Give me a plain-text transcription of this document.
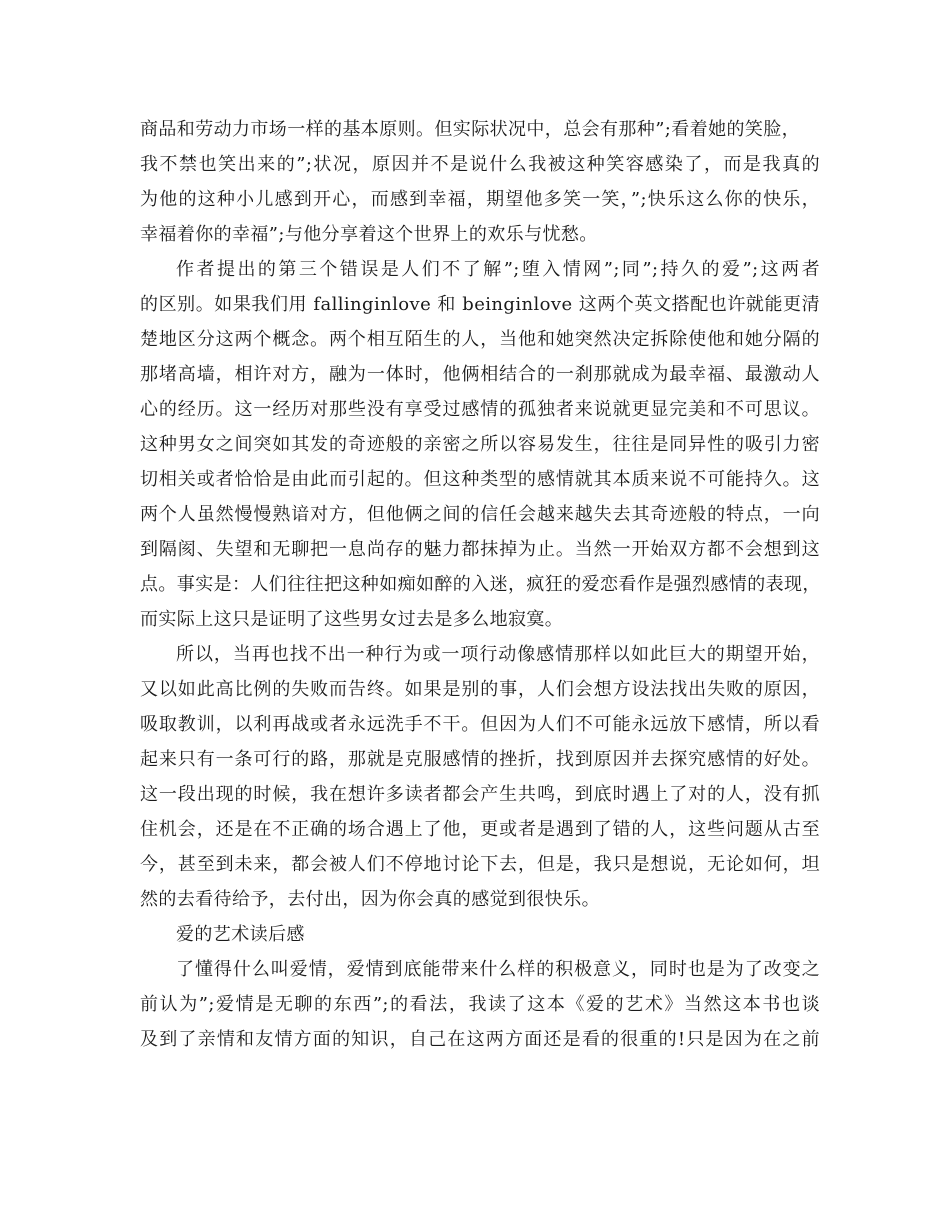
商品和劳动力市场一样的基本原则。但实际状况中，总会有那种”;看着她的笑脸，
我不禁也笑出来的”;状况，原因并不是说什么我被这种笑容感染了，而是我真的
为他的这种小儿感到开心，而感到幸福，期望他多笑一笑，”;快乐这么你的快乐，
幸福着你的幸福”;与他分享着这个世界上的欢乐与忧愁。
作者提出的第三个错误是人们不了解”;堕入情网”;同”;持久的爱”;这两者
的区别。如果我们用 fallinginlove 和 beinginlove 这两个英文搭配也许就能更清
楚地区分这两个概念。两个相互陌生的人，当他和她突然决定拆除使他和她分隔的
那堵高墙，相许对方，融为一体时，他俩相结合的一刹那就成为最幸福、最激动人
心的经历。这一经历对那些没有享受过感情的孤独者来说就更显完美和不可思议。
这种男女之间突如其发的奇迹般的亲密之所以容易发生，往往是同异性的吸引力密
切相关或者恰恰是由此而引起的。但这种类型的感情就其本质来说不可能持久。这
两个人虽然慢慢熟谙对方，但他俩之间的信任会越来越失去其奇迹般的特点，一向
到隔阂、失望和无聊把一息尚存的魅力都抹掉为止。当然一开始双方都不会想到这
点。事实是：人们往往把这种如痴如醉的入迷，疯狂的爱恋看作是强烈感情的表现，
而实际上这只是证明了这些男女过去是多么地寂寞。
所以，当再也找不出一种行为或一项行动像感情那样以如此巨大的期望开始，
又以如此高比例的失败而告终。如果是别的事，人们会想方设法找出失败的原因，
吸取教训，以利再战或者永远洗手不干。但因为人们不可能永远放下感情，所以看
起来只有一条可行的路，那就是克服感情的挫折，找到原因并去探究感情的好处。
这一段出现的时候，我在想许多读者都会产生共鸣，到底时遇上了对的人，没有抓
住机会，还是在不正确的场合遇上了他，更或者是遇到了错的人，这些问题从古至
今，甚至到未来，都会被人们不停地讨论下去，但是，我只是想说，无论如何，坦
然的去看待给予，去付出，因为你会真的感觉到很快乐。
爱的艺术读后感
了懂得什么叫爱情，爱情到底能带来什么样的积极意义，同时也是为了改变之
前认为”;爱情是无聊的东西”;的看法，我读了这本《爱的艺术》当然这本书也谈
及到了亲情和友情方面的知识，自己在这两方面还是看的很重的!只是因为在之前
